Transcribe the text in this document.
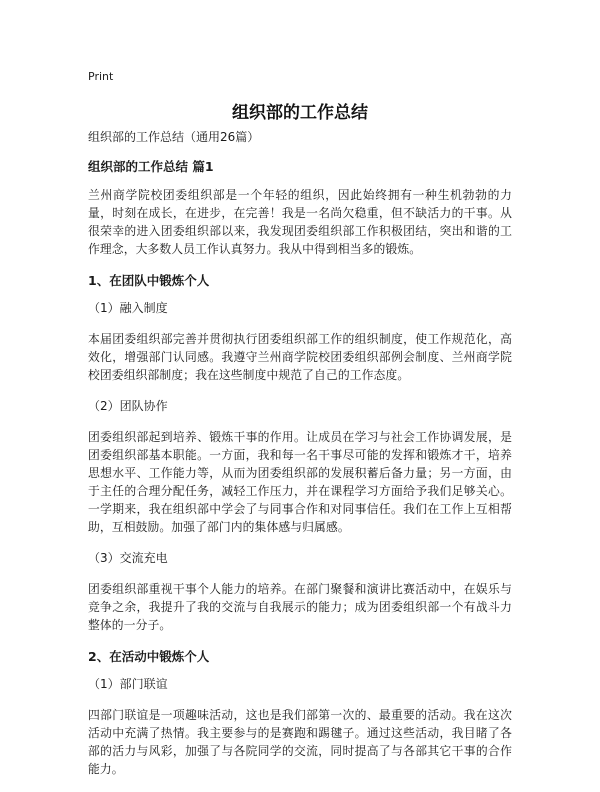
Print
组织部的工作总结
组织部的工作总结（通用26篇）
组织部的工作总结 篇1
兰州商学院校团委组织部是一个年轻的组织，因此始终拥有一种生机勃勃的力量，时刻在成长，在进步，在完善！我是一名尚欠稳重，但不缺活力的干事。从很荣幸的进入团委组织部以来，我发现团委组织部工作积极团结，突出和谐的工作理念，大多数人员工作认真努力。我从中得到相当多的锻炼。
1、在团队中锻炼个人
（1）融入制度
本届团委组织部完善并贯彻执行团委组织部工作的组织制度，使工作规范化，高效化，增强部门认同感。我遵守兰州商学院校团委组织部例会制度、兰州商学院校团委组织部制度；我在这些制度中规范了自己的工作态度。
（2）团队协作
团委组织部起到培养、锻炼干事的作用。让成员在学习与社会工作协调发展，是团委组织部基本职能。一方面，我和每一名干事尽可能的发挥和锻炼才干，培养思想水平、工作能力等，从而为团委组织部的发展积蓄后备力量；另一方面，由于主任的合理分配任务，减轻工作压力，并在课程学习方面给予我们足够关心。一学期来，我在组织部中学会了与同事合作和对同事信任。我们在工作上互相帮助，互相鼓励。加强了部门内的集体感与归属感。
（3）交流充电
团委组织部重视干事个人能力的培养。在部门聚餐和演讲比赛活动中，在娱乐与竞争之余，我提升了我的交流与自我展示的能力；成为团委组织部一个有战斗力整体的一分子。
2、在活动中锻炼个人
（1）部门联谊
四部门联谊是一项趣味活动，这也是我们部第一次的、最重要的活动。我在这次活动中充满了热情。我主要参与的是赛跑和踢毽子。通过这些活动，我目睹了各部的活力与风彩，加强了与各院同学的交流，同时提高了与各部其它干事的合作能力。
